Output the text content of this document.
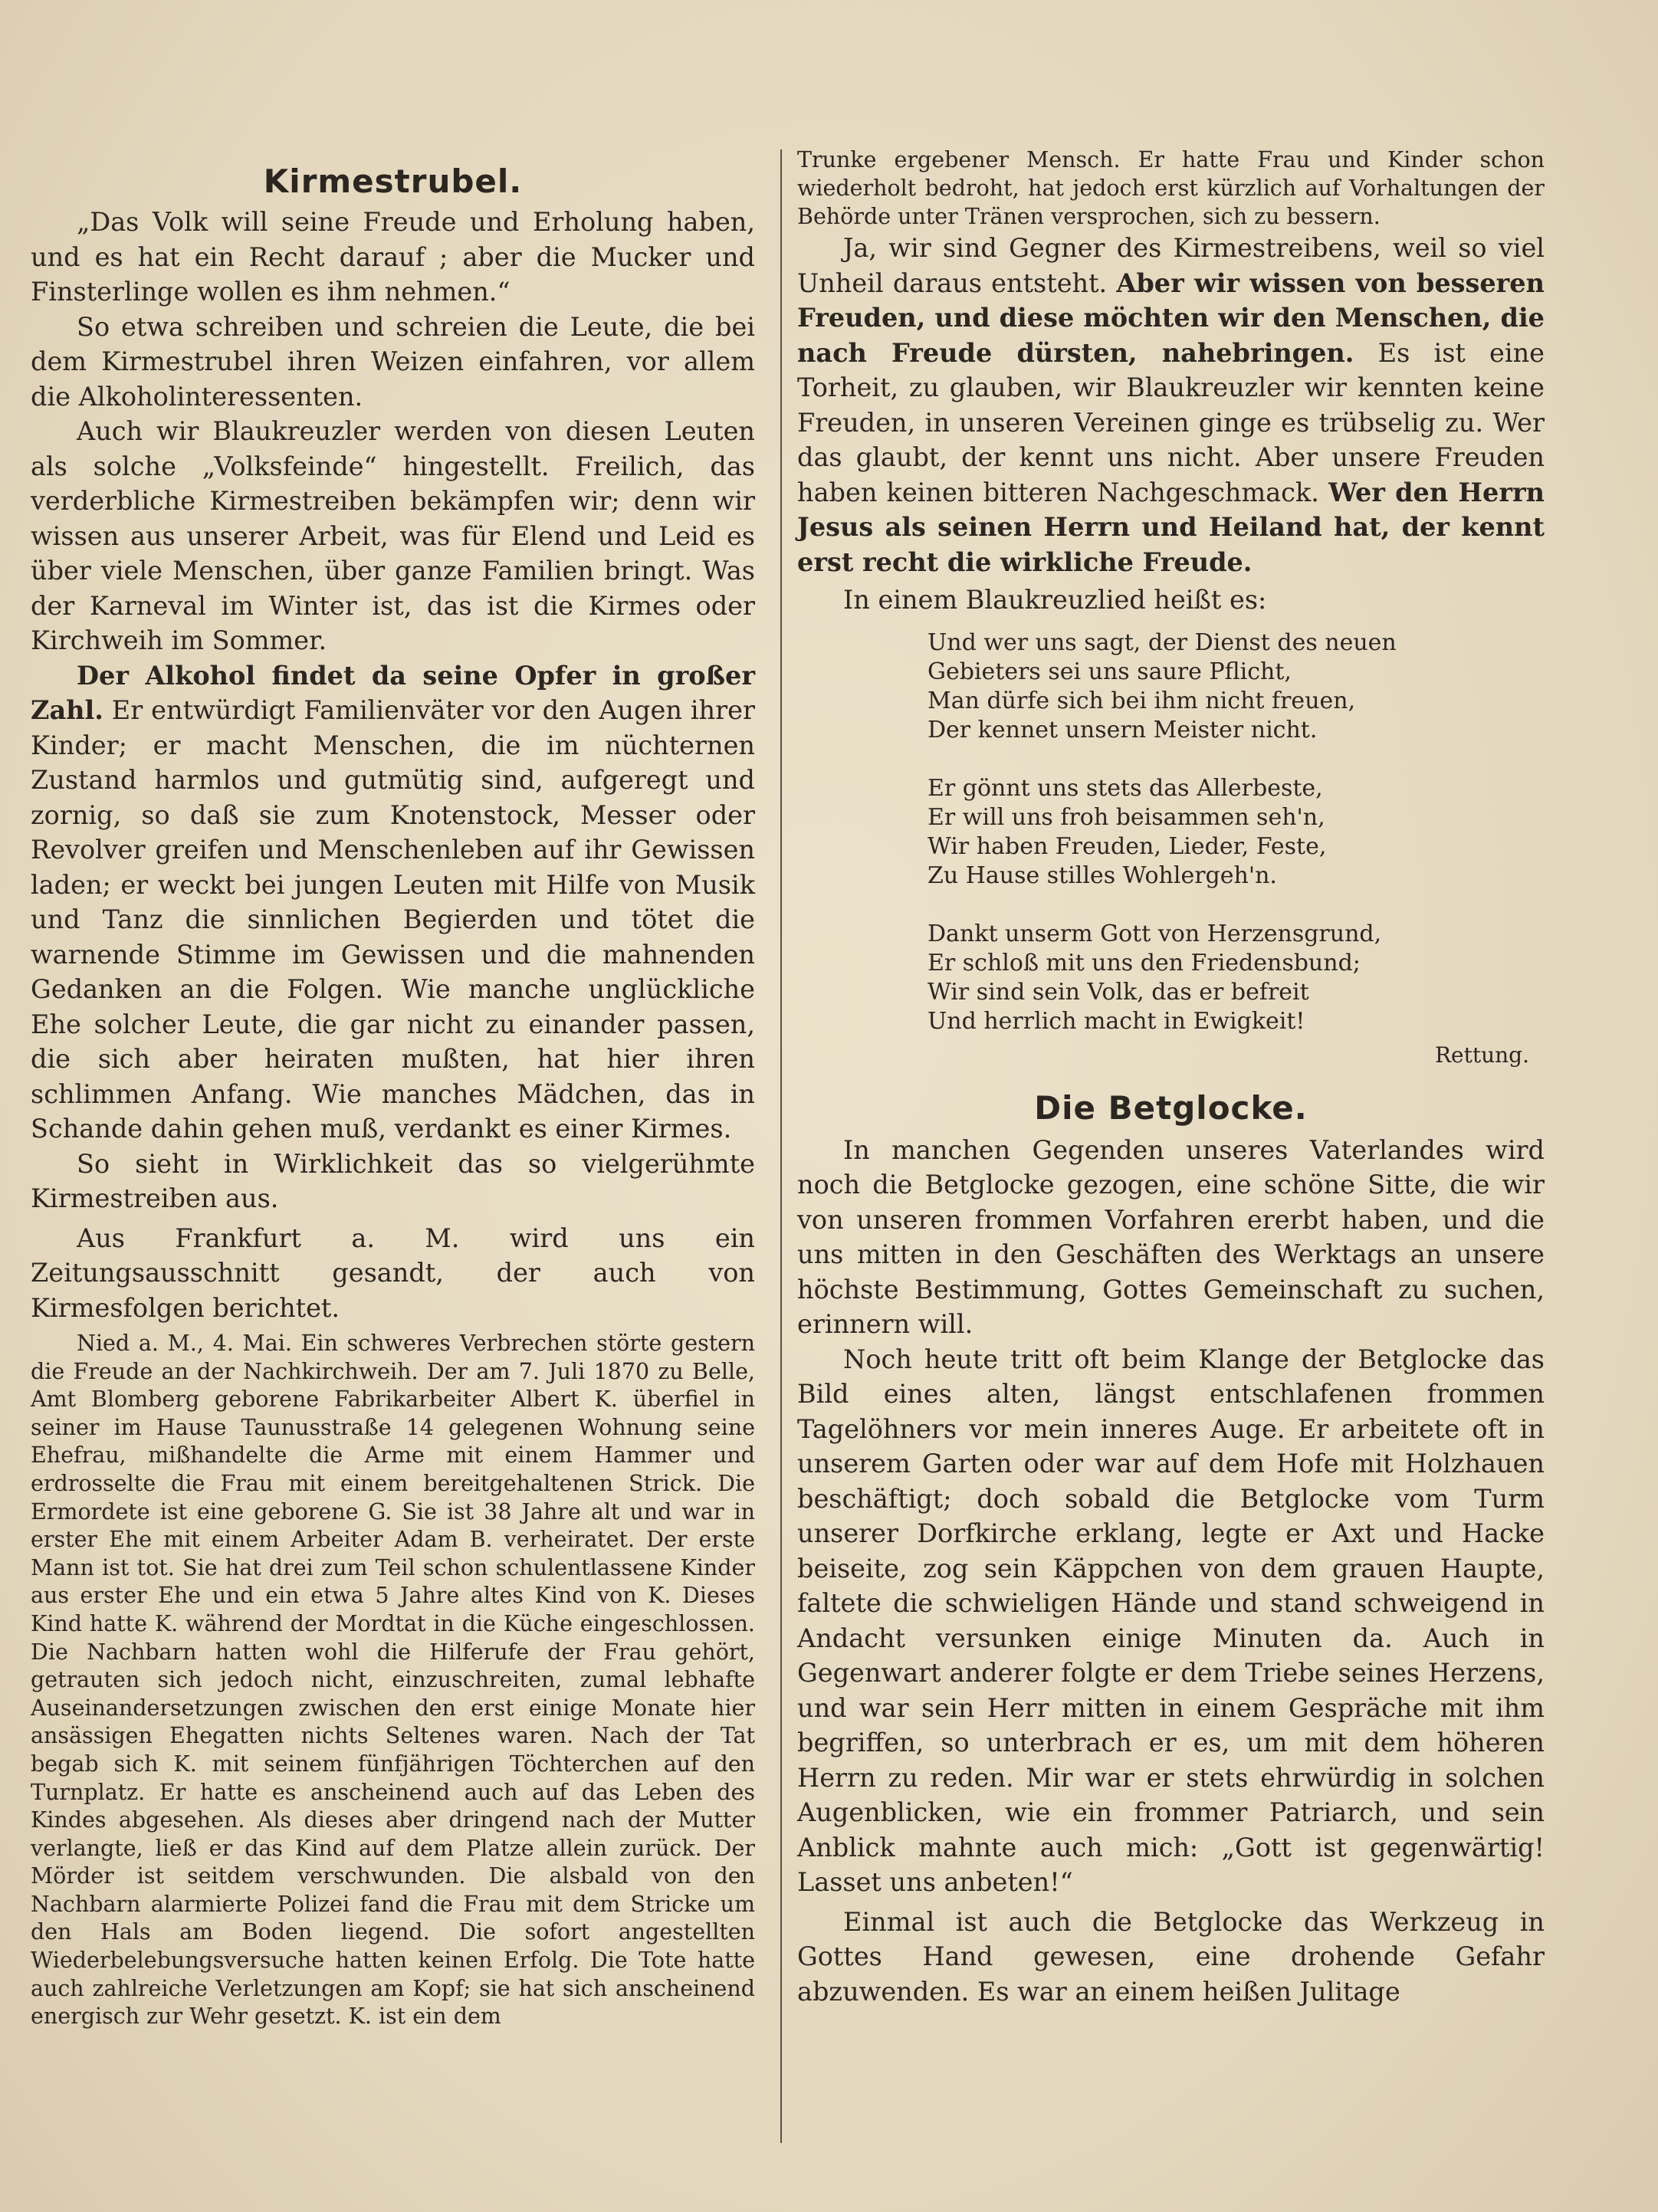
Kirmestrubel.

„Das Volk will seine Freude und Erholung haben, und es hat ein Recht darauf ; aber die Mucker und Finsterlinge wollen es ihm nehmen.“

So etwa schreiben und schreien die Leute, die bei dem Kirmestrubel ihren Weizen einfahren, vor allem die Alkoholinteressenten.

Auch wir Blaukreuzler werden von diesen Leuten als solche „Volksfeinde“ hingestellt. Freilich, das verderbliche Kirmestreiben bekämpfen wir; denn wir wissen aus unserer Arbeit, was für Elend und Leid es über viele Menschen, über ganze Familien bringt. Was der Karneval im Winter ist, das ist die Kirmes oder Kirchweih im Sommer.

Der Alkohol findet da seine Opfer in großer Zahl. Er entwürdigt Familienväter vor den Augen ihrer Kinder; er macht Menschen, die im nüchternen Zustand harmlos und gutmütig sind, aufgeregt und zornig, so daß sie zum Knotenstock, Messer oder Revolver greifen und Menschenleben auf ihr Gewissen laden; er weckt bei jungen Leuten mit Hilfe von Musik und Tanz die sinnlichen Begierden und tötet die warnende Stimme im Gewissen und die mahnenden Gedanken an die Folgen. Wie manche unglückliche Ehe solcher Leute, die gar nicht zu einander passen, die sich aber heiraten mußten, hat hier ihren schlimmen Anfang. Wie manches Mädchen, das in Schande dahin gehen muß, verdankt es einer Kirmes.

So sieht in Wirklichkeit das so vielgerühmte Kirmestreiben aus.

Aus Frankfurt a. M. wird uns ein Zeitungsausschnitt gesandt, der auch von Kirmesfolgen berichtet.

Nied a. M., 4. Mai. Ein schweres Verbrechen störte gestern die Freude an der Nachkirchweih. Der am 7. Juli 1870 zu Belle, Amt Blomberg geborene Fabrikarbeiter Albert K. überfiel in seiner im Hause Taunusstraße 14 gelegenen Wohnung seine Ehefrau, mißhandelte die Arme mit einem Hammer und erdrosselte die Frau mit einem bereitgehaltenen Strick. Die Ermordete ist eine geborene G. Sie ist 38 Jahre alt und war in erster Ehe mit einem Arbeiter Adam B. verheiratet. Der erste Mann ist tot. Sie hat drei zum Teil schon schulentlassene Kinder aus erster Ehe und ein etwa 5 Jahre altes Kind von K. Dieses Kind hatte K. während der Mordtat in die Küche eingeschlossen. Die Nachbarn hatten wohl die Hilferufe der Frau gehört, getrauten sich jedoch nicht, einzuschreiten, zumal lebhafte Auseinandersetzungen zwischen den erst einige Monate hier ansässigen Ehegatten nichts Seltenes waren. Nach der Tat begab sich K. mit seinem fünfjährigen Töchterchen auf den Turnplatz. Er hatte es anscheinend auch auf das Leben des Kindes abgesehen. Als dieses aber dringend nach der Mutter verlangte, ließ er das Kind auf dem Platze allein zurück. Der Mörder ist seitdem verschwunden. Die alsbald von den Nachbarn alarmierte Polizei fand die Frau mit dem Stricke um den Hals am Boden liegend. Die sofort angestellten Wiederbelebungsversuche hatten keinen Erfolg. Die Tote hatte auch zahlreiche Verletzungen am Kopf; sie hat sich anscheinend energisch zur Wehr gesetzt. K. ist ein dem

Trunke ergebener Mensch. Er hatte Frau und Kinder schon wiederholt bedroht, hat jedoch erst kürzlich auf Vorhaltungen der Behörde unter Tränen versprochen, sich zu bessern.

Ja, wir sind Gegner des Kirmestreibens, weil so viel Unheil daraus entsteht. Aber wir wissen von besseren Freuden, und diese möchten wir den Menschen, die nach Freude dürsten, nahebringen. Es ist eine Torheit, zu glauben, wir Blaukreuzler wir kennten keine Freuden, in unseren Vereinen ginge es trübselig zu. Wer das glaubt, der kennt uns nicht. Aber unsere Freuden haben keinen bitteren Nachgeschmack. Wer den Herrn Jesus als seinen Herrn und Heiland hat, der kennt erst recht die wirkliche Freude.

In einem Blaukreuzlied heißt es:

Und wer uns sagt, der Dienst des neuen
Gebieters sei uns saure Pflicht,
Man dürfe sich bei ihm nicht freuen,
Der kennet unsern Meister nicht.
Er gönnt uns stets das Allerbeste,
Er will uns froh beisammen seh'n,
Wir haben Freuden, Lieder, Feste,
Zu Hause stilles Wohlergeh'n.
Dankt unserm Gott von Herzensgrund,
Er schloß mit uns den Friedensbund;
Wir sind sein Volk, das er befreit
Und herrlich macht in Ewigkeit!
Rettung.
Die Betglocke.

In manchen Gegenden unseres Vaterlandes wird noch die Betglocke gezogen, eine schöne Sitte, die wir von unseren frommen Vorfahren ererbt haben, und die uns mitten in den Geschäften des Werktags an unsere höchste Bestimmung, Gottes Gemeinschaft zu suchen, erinnern will.

Noch heute tritt oft beim Klange der Betglocke das Bild eines alten, längst entschlafenen frommen Tagelöhners vor mein inneres Auge. Er arbeitete oft in unserem Garten oder war auf dem Hofe mit Holzhauen beschäftigt; doch sobald die Betglocke vom Turm unserer Dorfkirche erklang, legte er Axt und Hacke beiseite, zog sein Käppchen von dem grauen Haupte, faltete die schwieligen Hände und stand schweigend in Andacht versunken einige Minuten da. Auch in Gegenwart anderer folgte er dem Triebe seines Herzens, und war sein Herr mitten in einem Gespräche mit ihm begriffen, so unterbrach er es, um mit dem höheren Herrn zu reden. Mir war er stets ehrwürdig in solchen Augenblicken, wie ein frommer Patriarch, und sein Anblick mahnte auch mich: „Gott ist gegenwärtig! Lasset uns anbeten!“

Einmal ist auch die Betglocke das Werkzeug in Gottes Hand gewesen, eine drohende Gefahr abzuwenden. Es war an einem heißen Julitage
